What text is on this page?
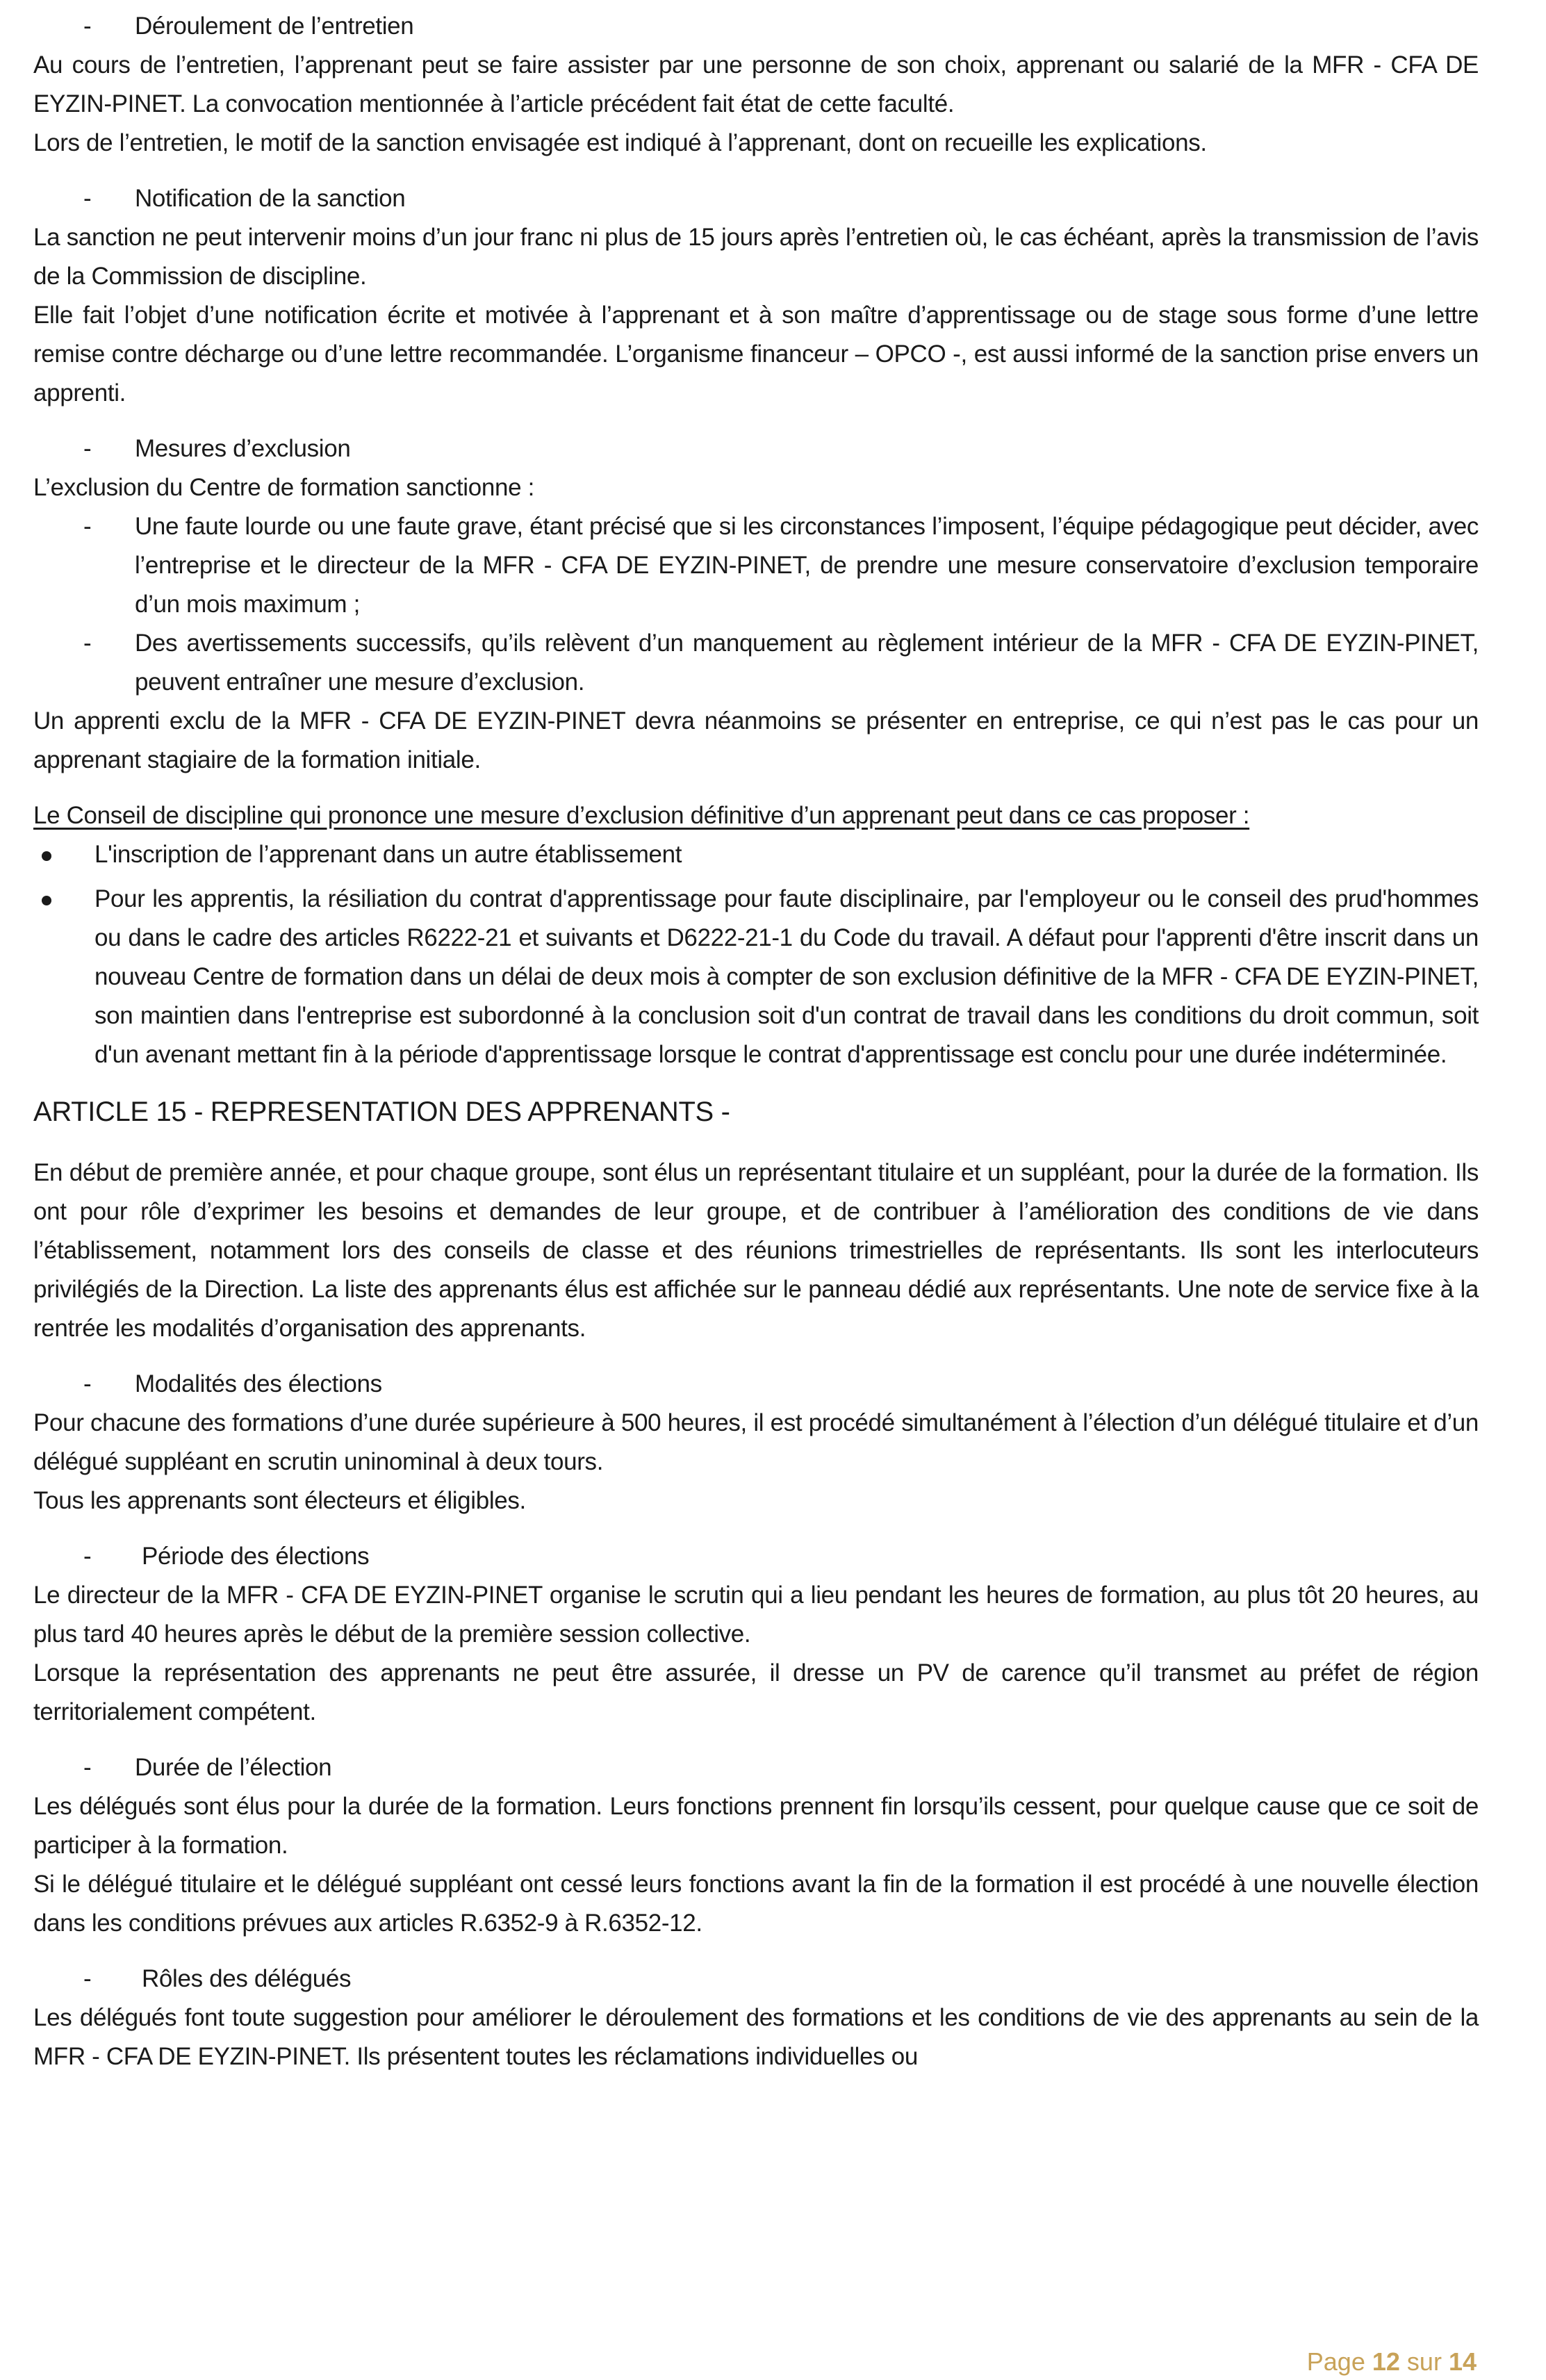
-	Déroulement de l’entretien

Au cours de l’entretien, l’apprenant peut se faire assister par une personne de son choix, apprenant ou salarié de la MFR - CFA DE EYZIN-PINET. La convocation mentionnée à l’article précédent fait état de cette faculté.

Lors de l’entretien, le motif de la sanction envisagée est indiqué à l’apprenant, dont on recueille les explications.

-	Notification de la sanction

La sanction ne peut intervenir moins d’un jour franc ni plus de 15 jours après l’entretien où, le cas échéant, après la transmission de l’avis de la Commission de discipline.

Elle fait l’objet d’une notification écrite et motivée à l’apprenant et à son maître d’apprentissage ou de stage sous forme d’une lettre remise contre décharge ou d’une lettre recommandée. L’organisme financeur – OPCO -, est aussi informé de la sanction prise envers un apprenti.

-	Mesures d’exclusion

L’exclusion du Centre de formation sanctionne :

-	Une faute lourde ou une faute grave, étant précisé que si les circonstances l’imposent, l’équipe pédagogique peut décider, avec l’entreprise et le directeur de la MFR - CFA DE EYZIN-PINET, de prendre une mesure conservatoire d’exclusion temporaire d’un mois maximum ;
-	Des avertissements successifs, qu’ils relèvent d’un manquement au règlement intérieur de la MFR - CFA DE EYZIN-PINET, peuvent entraîner une mesure d’exclusion.

Un apprenti exclu de la MFR - CFA DE EYZIN-PINET devra néanmoins se présenter en entreprise, ce qui n’est pas le cas pour un apprenant stagiaire de la formation initiale.

Le Conseil de discipline qui prononce une mesure d’exclusion définitive d’un apprenant peut dans ce cas proposer :

L'inscription de l’apprenant dans un autre établissement
Pour les apprentis, la résiliation du contrat d'apprentissage pour faute disciplinaire, par l'employeur ou le conseil des prud'hommes ou dans le cadre des articles R6222-21 et suivants et D6222-21-1 du Code du travail. A défaut pour l'apprenti d'être inscrit dans un nouveau Centre de formation dans un délai de deux mois à compter de son exclusion définitive de la MFR - CFA DE EYZIN-PINET, son maintien dans l'entreprise est subordonné à la conclusion soit d'un contrat de travail dans les conditions du droit commun, soit d'un avenant mettant fin à la période d'apprentissage lorsque le contrat d'apprentissage est conclu pour une durée indéterminée.

ARTICLE 15 - REPRESENTATION DES APPRENANTS -

En début de première année, et pour chaque groupe, sont élus un représentant titulaire et un suppléant, pour la durée de la formation. Ils ont pour rôle d’exprimer les besoins et demandes de leur groupe, et de contribuer à l’amélioration des conditions de vie dans l’établissement, notamment lors des conseils de classe et des réunions trimestrielles de représentants. Ils sont les interlocuteurs privilégiés de la Direction. La liste des apprenants élus est affichée sur le panneau dédié aux représentants. Une note de service fixe à la rentrée les modalités d’organisation des apprenants.

-	Modalités des élections

Pour chacune des formations d’une durée supérieure à 500 heures, il est procédé simultanément à l’élection d’un délégué titulaire et d’un délégué suppléant en scrutin uninominal à deux tours.

Tous les apprenants sont électeurs et éligibles.

-	Période des élections

Le directeur de la MFR - CFA DE EYZIN-PINET organise le scrutin qui a lieu pendant les heures de formation, au plus tôt 20 heures, au plus tard 40 heures après le début de la première session collective.

Lorsque la représentation des apprenants ne peut être assurée, il dresse un PV de carence qu’il transmet au préfet de région territorialement compétent.

-	Durée de l’élection

Les délégués sont élus pour la durée de la formation. Leurs fonctions prennent fin lorsqu’ils cessent, pour quelque cause que ce soit de participer à la formation.

Si le délégué titulaire et le délégué suppléant ont cessé leurs fonctions avant la fin de la formation il est procédé à une nouvelle élection dans les conditions prévues aux articles R.6352-9 à R.6352-12.

-	Rôles des délégués

Les délégués font toute suggestion pour améliorer le déroulement des formations et les conditions de vie des apprenants au sein de la MFR - CFA DE EYZIN-PINET. Ils présentent toutes les réclamations individuelles ou

Page 12 sur 14
